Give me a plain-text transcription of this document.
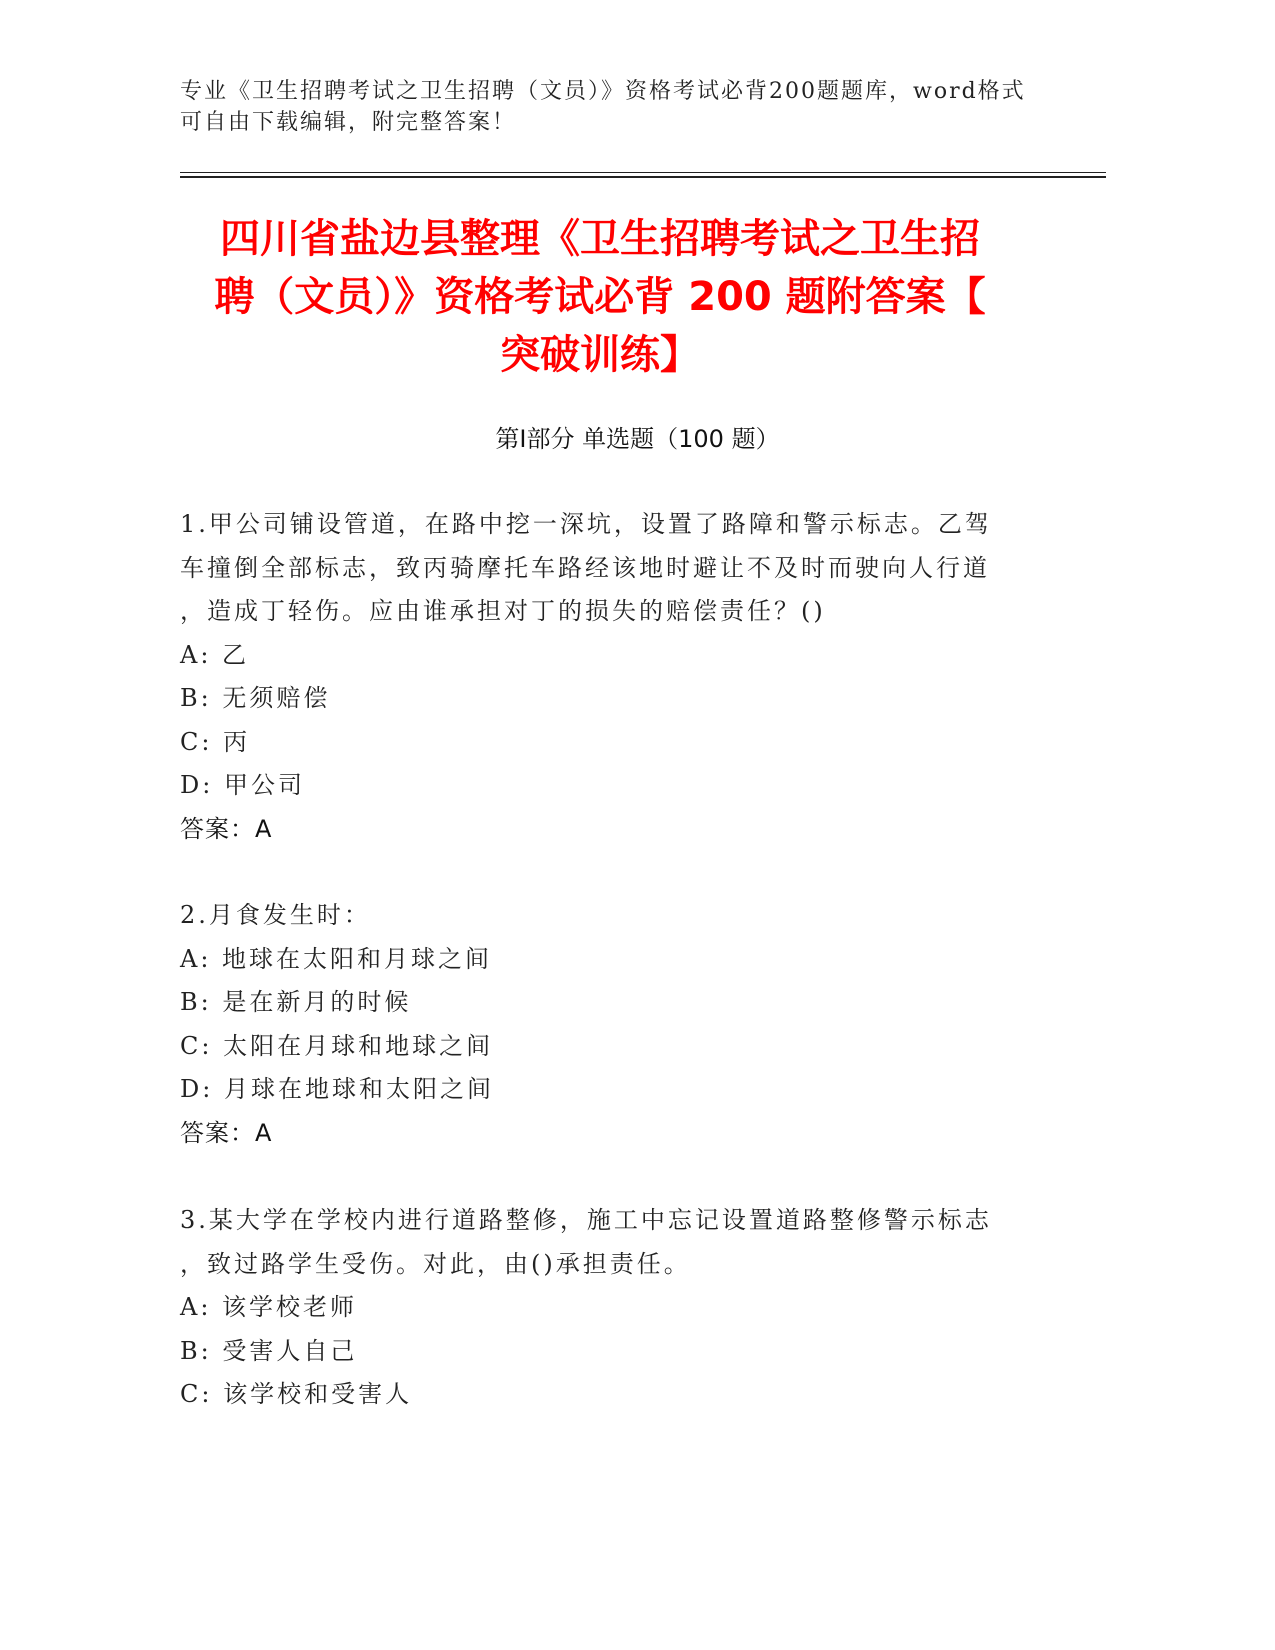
专业《卫生招聘考试之卫生招聘（文员）》资格考试必背200题题库，word格式
可自由下载编辑，附完整答案！
四川省盐边县整理《卫生招聘考试之卫生招
聘（文员）》资格考试必背 200 题附答案【
突破训练】
第Ⅰ部分 单选题（100 题）
1.甲公司铺设管道，在路中挖一深坑，设置了路障和警示标志。乙驾
车撞倒全部标志，致丙骑摩托车路经该地时避让不及时而驶向人行道
，造成丁轻伤。应由谁承担对丁的损失的赔偿责任？()
A: 乙
B: 无须赔偿
C: 丙
D: 甲公司
答案：A
2.月食发生时：
A: 地球在太阳和月球之间
B: 是在新月的时候
C: 太阳在月球和地球之间
D: 月球在地球和太阳之间
答案：A
3.某大学在学校内进行道路整修，施工中忘记设置道路整修警示标志
，致过路学生受伤。对此，由()承担责任。
A: 该学校老师
B: 受害人自己
C: 该学校和受害人
